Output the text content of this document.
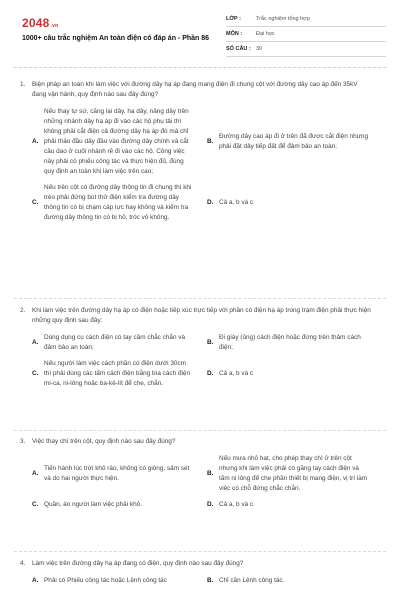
2048.vn
1000+ câu trắc nghiệm An toàn điện có đáp án - Phần 86
LỚP :	Trắc nghiệm tổng hợp
MÔN :	Đại học
SỐ CÂU : 30
1.	Biện pháp an toàn khi làm việc với đường dây hạ áp đang mang điện đi chung cột với đường dây cao áp đến 35kV đang vận hành, quy định nào sau đây đúng?
A.
Nếu thay tự sứ, căng lại dây, hạ dây, nâng dây trên những nhánh dây hạ áp đi vào các hộ phụ tải thì không phải cắt điện cả đường dây hạ áp đó mà chỉ phải tháo đầu dây đầu vào đường dây chính và cắt cầu dao ở cuối nhánh rẽ đi vào các hộ. Công việc này phải có phiếu công tác và thực hiện đủ, đúng quy định an toàn khi làm việc trên cao;
B.
Đường dây cao áp đi ở trên đã được cắt điện nhưng phải đặt dây tiếp đất để đảm bảo an toàn;
C.
Nếu trên cột có đường dây thông tin đi chung thì khi trèo phải đứng bút thử điện kiểm tra đường dây thông tin có bị chạm cáp lực hay không và kiểm tra đường dây thông tin có bị hỏ, tróc vỏ không.
D. Cả a, b và c
2.	Khi làm việc trên đường dây hạ áp có điện hoặc tiếp xúc trực tiếp với phần có điện hạ áp trong trạm điện phải thực hiện những quy định sau đây:
A.
Dùng dụng cụ cách điện có tay cầm chắc chắn và đảm bảo an toàn;
B.
Đi giày (ủng) cách điện hoặc đứng trên thảm cách điện;
C.
Nếu người làm việc cách phần có điện dưới 30cm thì phải dùng các tấm cách điện bằng bìa cách điện mi-ca, ni-lông hoặc ba-kê-lít để che, chắn.
D. Cả a, b và c
3.	Việc thay chì trên cột, quy định nào sau đây đúng?
A.
Tiến hành lúc trời khô ráo, không có giông, sấm sét và do hai người thực hiện.
B.
Nếu mưa nhỏ hạt, cho phép thay chì ở trên cột nhưng khi làm việc phải có găng tay cách điện và tấm ni lông để che phần thiết bị mang điện, vị trí làm việc có chỗ đứng chắc chắn.
C. Quần, áo người làm việc phải khô.	D. Cả a, b và c
4.	Làm việc trên đường dây hạ áp đang có điện, quy định nào sau đây đúng?
A. Phải có Phiếu công tác hoặc Lệnh công tác	B. Chỉ cần Lệnh công tác.
